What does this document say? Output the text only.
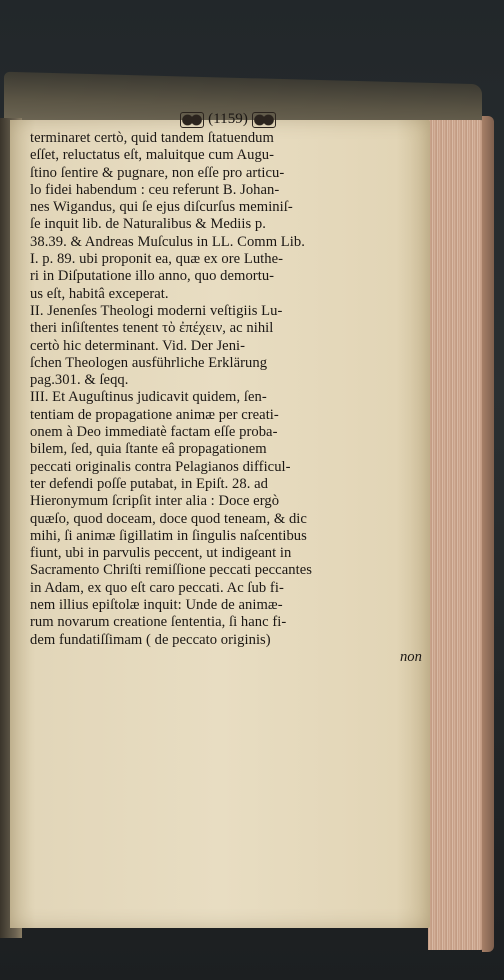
(1159)
terminaret certò, quid tandem ſtatuendum
eſſet, reluctatus eſt, maluitque cum Augu-
ſtino ſentire & pugnare, non eſſe pro articu-
lo fidei habendum : ceu referunt B. Johan-
nes Wigandus, qui ſe ejus diſcurſus meminiſ-
ſe inquit lib. de Naturalibus & Mediis p.
38.39. & Andreas Muſculus in LL. Comm Lib.
I. p. 89. ubi proponit ea, quæ ex ore Luthe-
ri in Diſputatione illo anno, quo demortu-
us eſt, habitâ exceperat.
II. Jenenſes Theologi moderni veſtigiis Lu-
theri inſiſtentes tenent τὸ ἐπέχειν, ac nihil
certò hic determinant. Vid. Der Jeni-
ſchen Theologen ausführliche Erklärung
pag.301. & ſeqq.
III. Et Auguſtinus judicavit quidem, ſen-
tentiam de propagatione animæ per creati-
onem à Deo immediatè factam eſſe proba-
bilem, ſed, quia ſtante eâ propagationem
peccati originalis contra Pelagianos difficul-
ter defendi poſſe putabat, in Epiſt. 28. ad
Hieronymum ſcripſit inter alia : Doce ergò
quæſo, quod doceam, doce quod teneam, & dic
mihi, ſi animæ ſigillatim in ſingulis naſcentibus
fiunt, ubi in parvulis peccent, ut indigeant in
Sacramento Chriſti remiſſione peccati peccantes
in Adam, ex quo eſt caro peccati. Ac ſub fi-
nem illius epiſtolæ inquit: Unde de animæ-
rum novarum creatione ſententia, ſi hanc fi-
dem fundatiſſimam ( de peccato originis)
non
